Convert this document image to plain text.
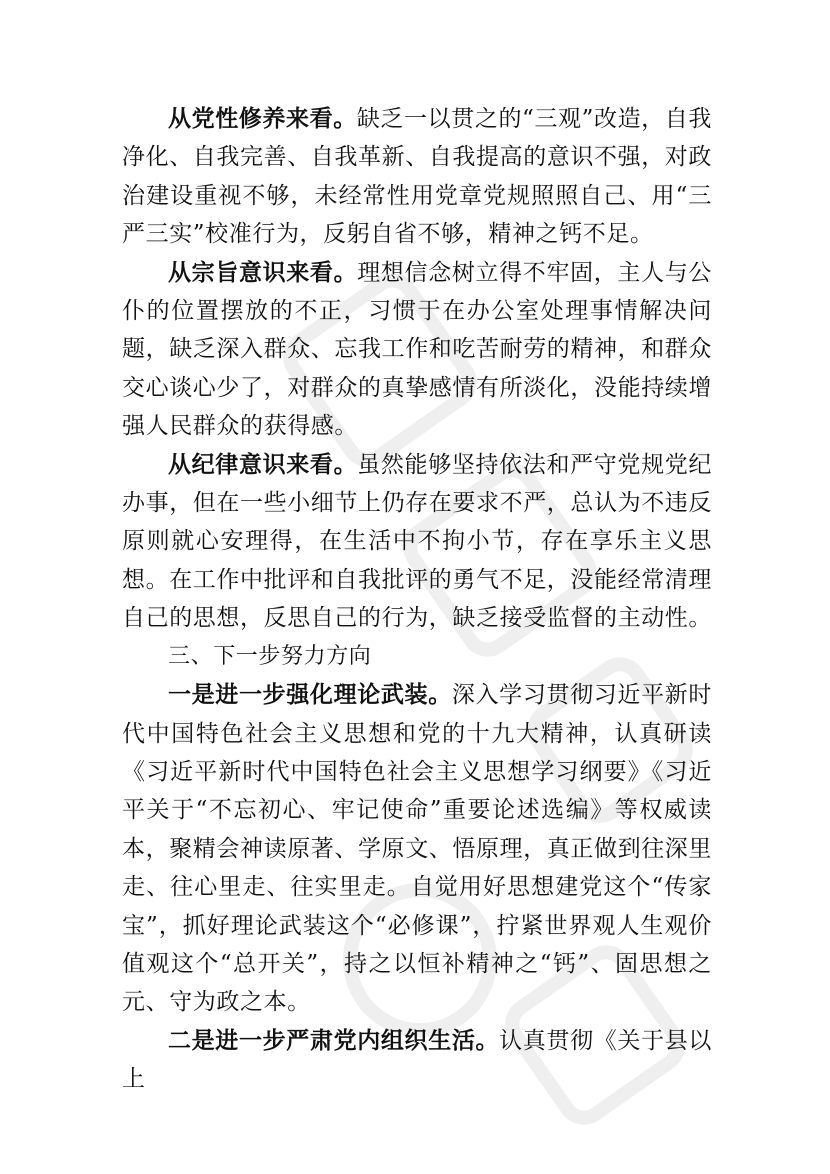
从党性修养来看。缺乏一以贯之的“三观”改造，自我净化、自我完善、自我革新、自我提高的意识不强，对政治建设重视不够，未经常性用党章党规照照自己、用“三严三实”校准行为，反躬自省不够，精神之钙不足。

从宗旨意识来看。理想信念树立得不牢固，主人与公仆的位置摆放的不正，习惯于在办公室处理事情解决问题，缺乏深入群众、忘我工作和吃苦耐劳的精神，和群众交心谈心少了，对群众的真挚感情有所淡化，没能持续增强人民群众的获得感。

从纪律意识来看。虽然能够坚持依法和严守党规党纪办事，但在一些小细节上仍存在要求不严，总认为不违反原则就心安理得，在生活中不拘小节，存在享乐主义思想。在工作中批评和自我批评的勇气不足，没能经常清理自己的思想，反思自己的行为，缺乏接受监督的主动性。

三、下一步努力方向

一是进一步强化理论武装。深入学习贯彻习近平新时代中国特色社会主义思想和党的十九大精神，认真研读《习近平新时代中国特色社会主义思想学习纲要》《习近平关于“不忘初心、牢记使命”重要论述选编》等权威读本，聚精会神读原著、学原文、悟原理，真正做到往深里走、往心里走、往实里走。自觉用好思想建党这个“传家宝”，抓好理论武装这个“必修课”，拧紧世界观人生观价值观这个“总开关”，持之以恒补精神之“钙”、固思想之元、守为政之本。

二是进一步严肃党内组织生活。认真贯彻《关于县以上
